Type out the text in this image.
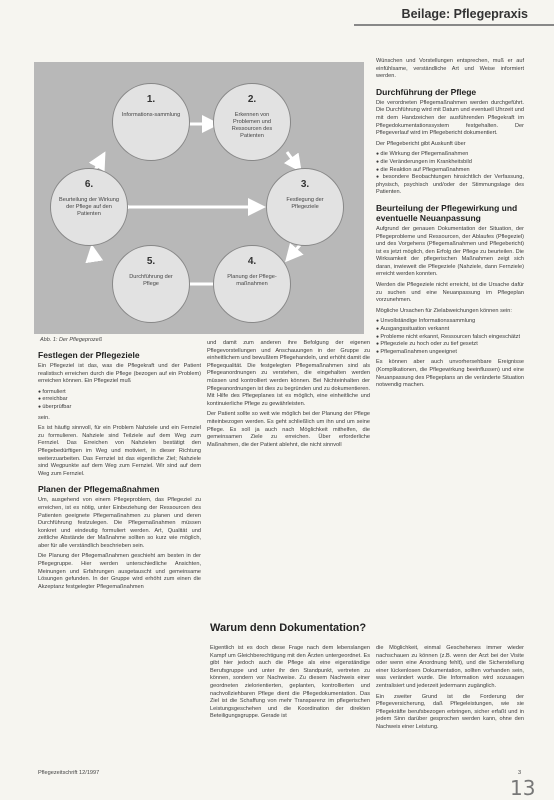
Beilage: Pflegepraxis
1.
Informations-sammlung
2.
Erkennen von Problemen und Ressourcen des Patienten
3.
Festlegung der Pflegeziele
4.
Planung der Pflege-maßnahmen
5.
Durchführung der Pflege
6.
Beurteilung der Wirkung der Pflege auf den Patienten
Abb. 1: Der Pflegeprozeß
Festlegen der Pflegeziele

Ein Pflegeziel ist das, was die Pflegekraft und der Patient realistisch erreichen durch die Pflege (bezogen auf ein Problem) erreichen können. Ein Pflegeziel muß

● formuliert
● erreichbar
● überprüfbar

sein.

Es ist häufig sinnvoll, für ein Problem Nahziele und ein Fernziel zu formulieren. Nahziele sind Teilziele auf dem Weg zum Fernziel. Das Erreichen von Nahzielen bestätigt den Pflegebedürftigen im Weg und motiviert, in dieser Richtung weiterzuarbeiten. Das Fernziel ist das eigentliche Ziel; Nahziele sind Wegpunkte auf dem Weg zum Fernziel. Wir sind auf dem Weg zum Fernziel.

Planen der Pflegemaßnahmen

Um, ausgehend von einem Pflegeproblem, das Pflegeziel zu erreichen, ist es nötig, unter Einbeziehung der Ressourcen des Patienten geeignete Pflegemaßnahmen zu planen und deren Durchführung festzulegen. Die Pflegemaßnahmen müssen konkret und eindeutig formuliert werden. Art, Qualität und zeitliche Abstände der Maßnahme sollten so kurz wie möglich, aber für alle verständlich beschrieben sein.

Die Planung der Pflegemaßnahmen geschieht am besten in der Pflegegruppe. Hier werden unterschiedliche Ansichten, Meinungen und Erfahrungen ausgetauscht und gemeinsame Lösungen gefunden. In der Gruppe wird erhöht zum einen die Akzeptanz festgelegter Pflegemaßnahmen

und damit zum anderen ihre Befolgung der eigenen Pflegevorstellungen und Anschauungen in der Gruppe zu einheitlichem und bewußtem Pflegehandeln, und erhöht damit die Pflegequalität. Die festgelegten Pflegemaßnahmen sind als Pflegeanordnungen zu verstehen, die eingehalten werden müssen und kontrolliert werden können. Bei Nichteinhalten der Pflegeanordnungen ist dies zu begründen und zu dokumentieren. Mit Hilfe des Pflegeplanes ist es möglich, eine einheitliche und kontinuierliche Pflege zu gewährleisten.

Der Patient sollte so weit wie möglich bei der Planung der Pflege miteinbezogen werden. Es geht schließlich um ihn und um seine Pflege. Es soll ja auch nach Möglichkeit mithelfen, die gemeinsamen Ziele zu erreichen. Über erforderliche Maßnahmen, die der Patient ablehnt, die nicht sinnvoll

Wünschen und Vorstellungen entsprechen, muß er auf einfühlsame, verständliche Art und Weise informiert werden.

Durchführung der Pflege

Die verordneten Pflegemaßnahmen werden durchgeführt. Die Durchführung wird mit Datum und eventuell Uhrzeit und mit dem Handzeichen der ausführenden Pflegekraft im Pflegedokumentationssystem festgehalten. Der Pflegeverlauf wird im Pflegebericht dokumentiert.

Der Pflegebericht gibt Auskunft über

● die Wirkung der Pflegemaßnahmen
● die Veränderungen im Krankheitsbild
● die Reaktion auf Pflegemaßnahmen
● besondere Beobachtungen hinsichtlich der Verfassung, physisch, psychisch und/oder der Stimmungslage des Patienten.
Beurteilung der Pflegewirkung und eventuelle Neuanpassung

Aufgrund der genauen Dokumentation der Situation, der Pflegeprobleme und Ressourcen, der Ablaufes (Pflegeziel) und des Vorgehens (Pflegemaßnahmen und Pflegebericht) ist es jetzt möglich, den Erfolg der Pflege zu beurteilen. Die Wirksamkeit der pflegerischen Maßnahmen zeigt sich daran, inwieweit die Pflegeziele (Nahziele, dann Fernziele) erreicht werden konnten.

Werden die Pflegeziele nicht erreicht, ist die Ursache dafür zu suchen und eine Neuanpassung im Pflegeplan vorzunehmen.

Mögliche Ursachen für Zielabweichungen können sein:

● Unvollständige Informationssammlung
● Ausgangssituation verkannt
● Probleme nicht erkannt, Ressourcen falsch eingeschätzt
● Pflegeziele zu hoch oder zu tief gesetzt
● Pflegemaßnahmen ungeeignet

Es können aber auch unvorhersehbare Ereignisse (Komplikationen, die Pflegewirkung beeinflussen) und eine Neuanpassung des Pflegeplans an die veränderte Situation notwendig machen.

Warum denn Dokumentation?

Eigentlich ist es doch diese Frage nach dem lebenslangen Kampf um Gleichberechtigung mit den Ärzten untergeordnet. Es gibt hier jedoch auch die Pflege als eine eigenständige Berufsgruppe und unter ihr den Standpunkt, vertreten zu können, sondern vor Nachweise. Zu diesem Nachweis einer geordneten zielorientierten, geplanten, kontrollierten und nachvollziehbaren Pflege dient die Pflegedokumentation. Das Ziel ist die Schaffung von mehr Transparenz im pflegerischen Leistungsgeschehen und die Koordination der direkten Beteiligungsgruppe. Gerade ist

die Möglichkeit, einmal Geschehenes immer wieder nachschauen zu können (z.B. wenn der Arzt bei der Visite oder wenn eine Anordnung fehlt), und die Sicherstellung einer lückenlosen Dokumentation, sollten vorhanden sein, was verändert wurde. Die Information wird sozusagen zentralisiert und jederzeit jedermann zugänglich.

Ein zweiter Grund ist die Forderung der Pflegeversicherung, daß Pflegeleistungen, wie sie Pflegekräfte berufsbezogen erbringen, sicher erfaßt und in jedem Sinn darüber gesprochen werden kann, ohne den Nachweis einer Leistung.

Pflegezeitschrift 12/1997	3
13
